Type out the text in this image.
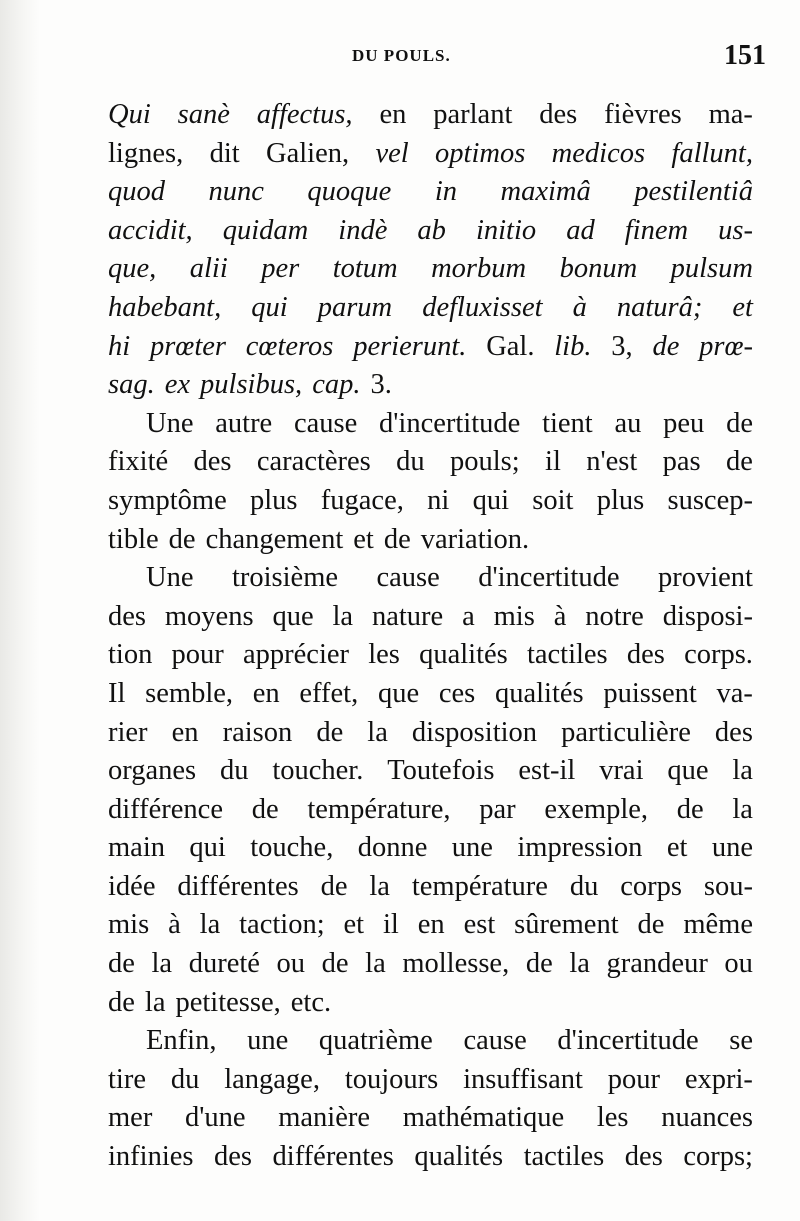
DU POULS.	151
Qui sanè affectus, en parlant des fièvres ma-
lignes, dit Galien, vel optimos medicos fallunt,
quod nunc quoque in maximâ pestilentiâ
accidit, quidam indè ab initio ad finem us-
que, alii per totum morbum bonum pulsum
habebant, qui parum defluxisset à naturâ; et
hi prœter cœteros perierunt. Gal. lib. 3, de prœ-
sag. ex pulsibus, cap. 3.
Une autre cause d'incertitude tient au peu de
fixité des caractères du pouls; il n'est pas de
symptôme plus fugace, ni qui soit plus suscep-
tible de changement et de variation.
Une troisième cause d'incertitude provient
des moyens que la nature a mis à notre disposi-
tion pour apprécier les qualités tactiles des corps.
Il semble, en effet, que ces qualités puissent va-
rier en raison de la disposition particulière des
organes du toucher. Toutefois est-il vrai que la
différence de température, par exemple, de la
main qui touche, donne une impression et une
idée différentes de la température du corps sou-
mis à la taction; et il en est sûrement de même
de la dureté ou de la mollesse, de la grandeur ou
de la petitesse, etc.
Enfin, une quatrième cause d'incertitude se
tire du langage, toujours insuffisant pour expri-
mer d'une manière mathématique les nuances
infinies des différentes qualités tactiles des corps;
